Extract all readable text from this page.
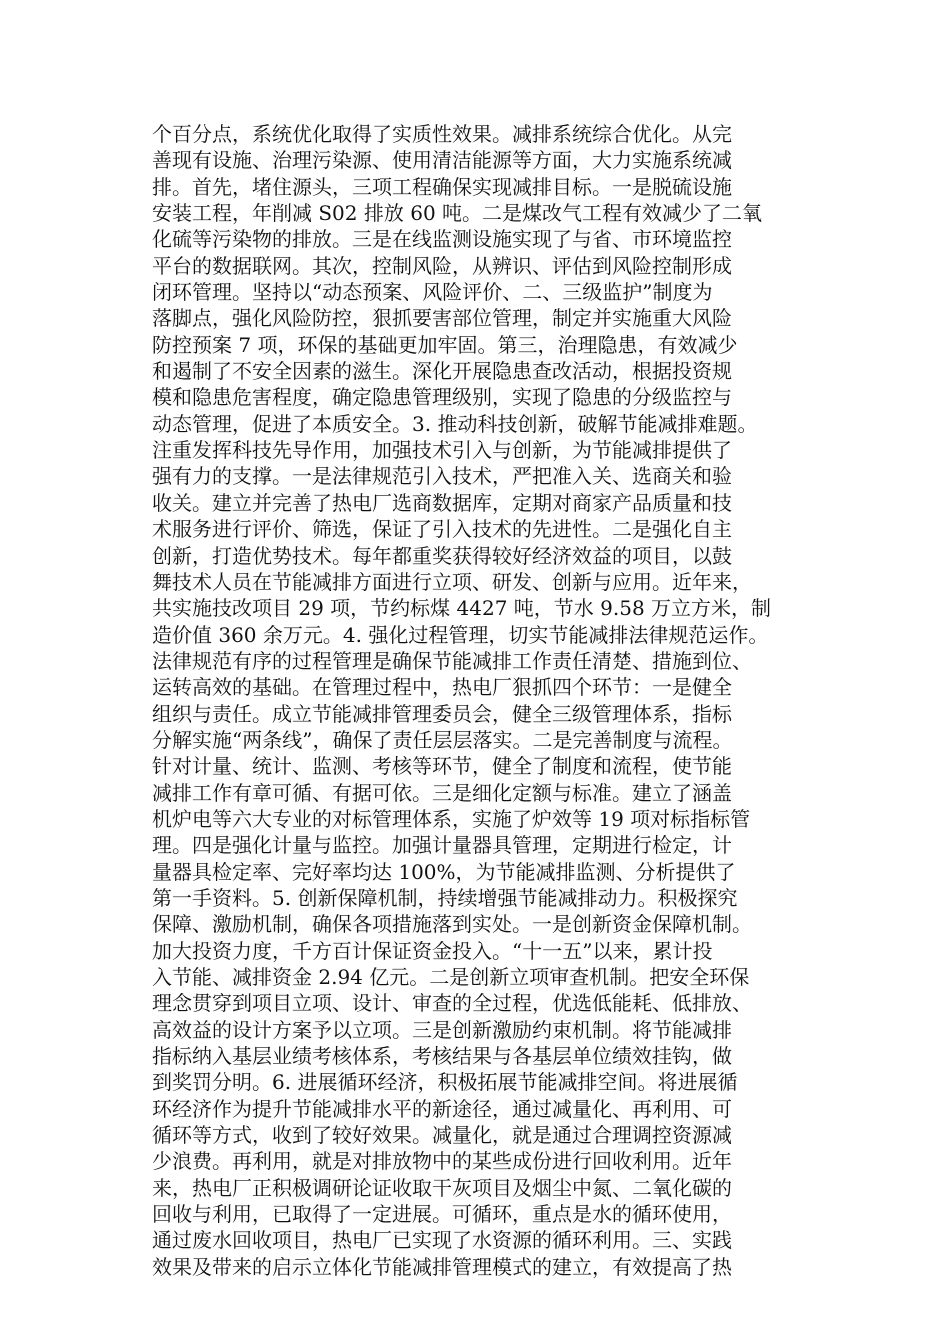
个百分点，系统优化取得了实质性效果。减排系统综合优化。从完
善现有设施、治理污染源、使用清洁能源等方面，大力实施系统减
排。首先，堵住源头，三项工程确保实现减排目标。一是脱硫设施
安装工程，年削减 S02 排放 60 吨。二是煤改气工程有效减少了二氧
化硫等污染物的排放。三是在线监测设施实现了与省、市环境监控
平台的数据联网。其次，控制风险，从辨识、评估到风险控制形成
闭环管理。坚持以“动态预案、风险评价、二、三级监护”制度为
落脚点，强化风险防控，狠抓要害部位管理，制定并实施重大风险
防控预案 7 项，环保的基础更加牢固。第三，治理隐患，有效减少
和遏制了不安全因素的滋生。深化开展隐患查改活动，根据投资规
模和隐患危害程度，确定隐患管理级别，实现了隐患的分级监控与
动态管理，促进了本质安全。3. 推动科技创新，破解节能减排难题。
注重发挥科技先导作用，加强技术引入与创新，为节能减排提供了
强有力的支撑。一是法律规范引入技术，严把准入关、选商关和验
收关。建立并完善了热电厂选商数据库，定期对商家产品质量和技
术服务进行评价、筛选，保证了引入技术的先进性。二是强化自主
创新，打造优势技术。每年都重奖获得较好经济效益的项目，以鼓
舞技术人员在节能减排方面进行立项、研发、创新与应用。近年来，
共实施技改项目 29 项，节约标煤 4427 吨，节水 9.58 万立方米，制
造价值 360 余万元。4. 强化过程管理，切实节能减排法律规范运作。
法律规范有序的过程管理是确保节能减排工作责任清楚、措施到位、
运转高效的基础。在管理过程中，热电厂狠抓四个环节：一是健全
组织与责任。成立节能减排管理委员会，健全三级管理体系，指标
分解实施“两条线”，确保了责任层层落实。二是完善制度与流程。
针对计量、统计、监测、考核等环节，健全了制度和流程，使节能
减排工作有章可循、有据可依。三是细化定额与标准。建立了涵盖
机炉电等六大专业的对标管理体系，实施了炉效等 19 项对标指标管
理。四是强化计量与监控。加强计量器具管理，定期进行检定，计
量器具检定率、完好率均达 100%，为节能减排监测、分析提供了
第一手资料。5. 创新保障机制，持续增强节能减排动力。积极探究
保障、激励机制，确保各项措施落到实处。一是创新资金保障机制。
加大投资力度，千方百计保证资金投入。“十一五”以来，累计投
入节能、减排资金 2.94 亿元。二是创新立项审查机制。把安全环保
理念贯穿到项目立项、设计、审查的全过程，优选低能耗、低排放、
高效益的设计方案予以立项。三是创新激励约束机制。将节能减排
指标纳入基层业绩考核体系，考核结果与各基层单位绩效挂钩，做
到奖罚分明。6. 进展循环经济，积极拓展节能减排空间。将进展循
环经济作为提升节能减排水平的新途径，通过减量化、再利用、可
循环等方式，收到了较好效果。减量化，就是通过合理调控资源减
少浪费。再利用，就是对排放物中的某些成份进行回收利用。近年
来，热电厂正积极调研论证收取干灰项目及烟尘中氮、二氧化碳的
回收与利用，已取得了一定进展。可循环，重点是水的循环使用，
通过废水回收项目，热电厂已实现了水资源的循环利用。三、实践
效果及带来的启示立体化节能减排管理模式的建立，有效提高了热
